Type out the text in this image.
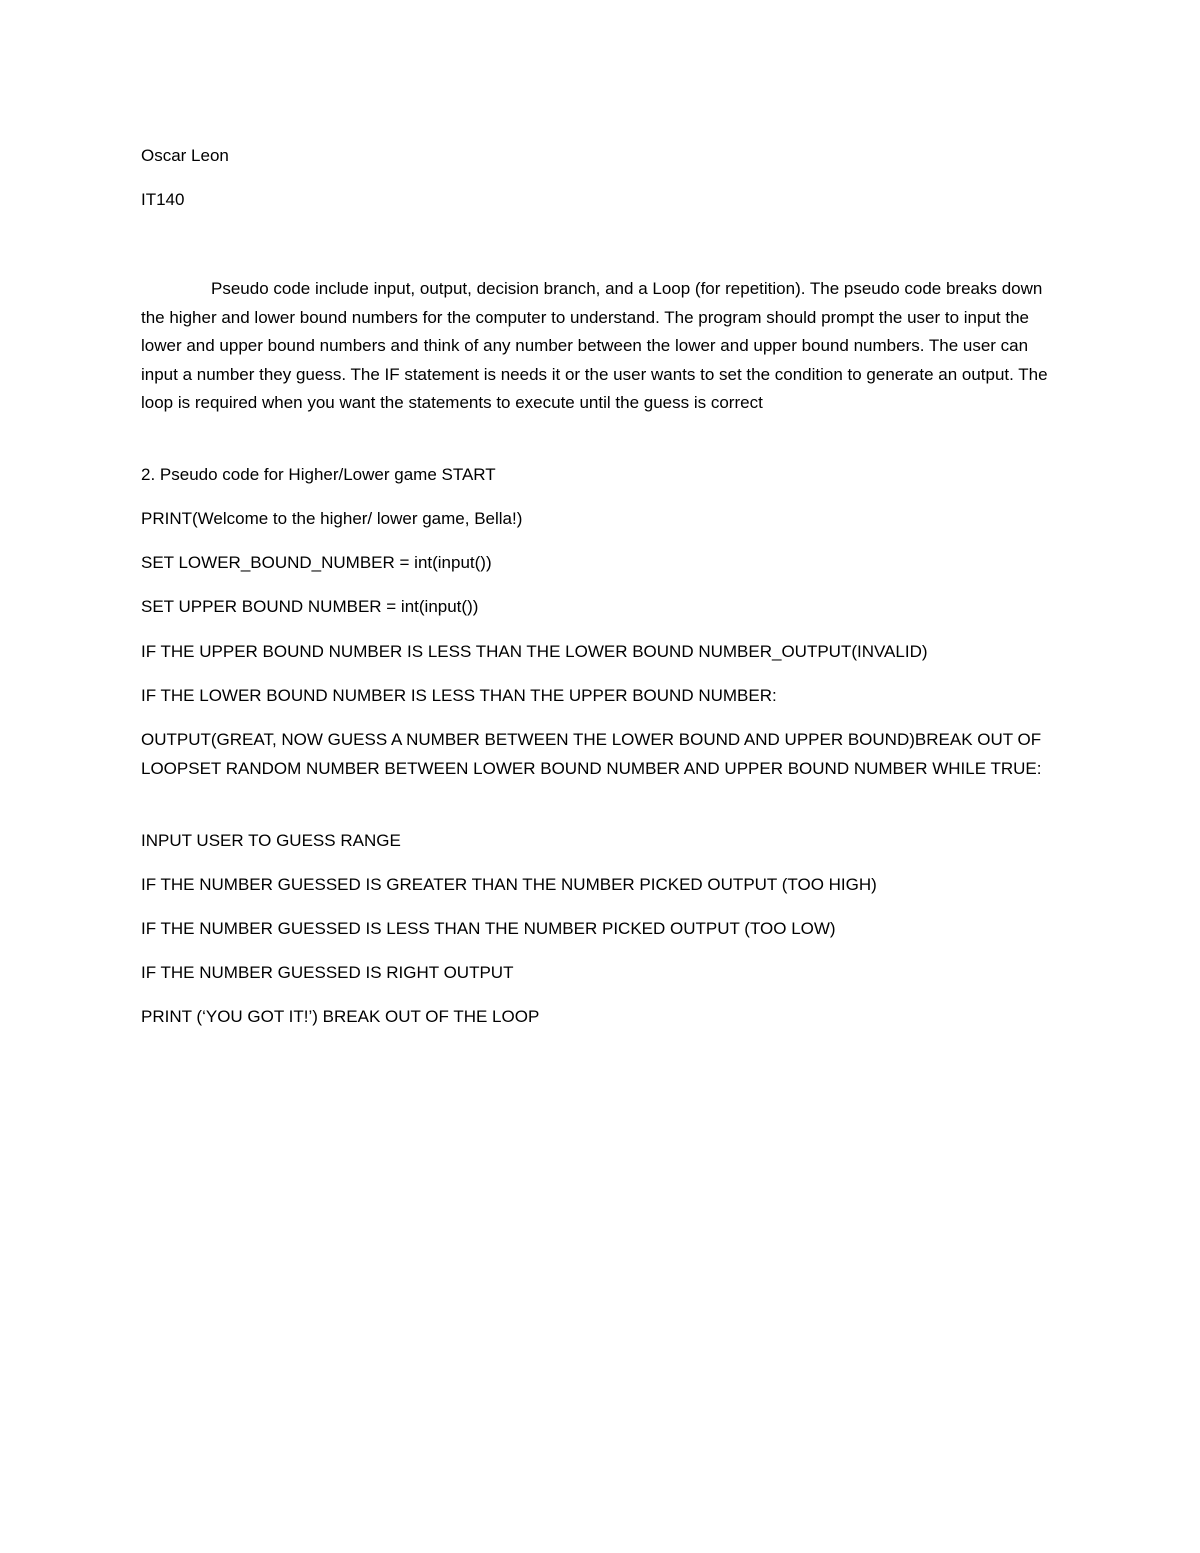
Oscar Leon

IT140

Pseudo code include input, output, decision branch, and a Loop (for repetition). The pseudo code breaks down the higher and lower bound numbers for the computer to understand. The program should prompt the user to input the lower and upper bound numbers and think of any number between the lower and upper bound numbers. The user can input a number they guess. The IF statement is needs it or the user wants to set the condition to generate an output. The loop is required when you want the statements to execute until the guess is correct

2. Pseudo code for Higher/Lower game START

PRINT(Welcome to the higher/ lower game, Bella!)

SET LOWER_BOUND_NUMBER = int(input())

SET UPPER BOUND NUMBER = int(input())

IF THE UPPER BOUND NUMBER IS LESS THAN THE LOWER BOUND NUMBER_OUTPUT(INVALID)

IF THE LOWER BOUND NUMBER IS LESS THAN THE UPPER BOUND NUMBER:

OUTPUT(GREAT, NOW GUESS A NUMBER BETWEEN THE LOWER BOUND AND UPPER BOUND)BREAK OUT OF LOOPSET RANDOM NUMBER BETWEEN LOWER BOUND NUMBER AND UPPER BOUND NUMBER WHILE TRUE:

INPUT USER TO GUESS RANGE

IF THE NUMBER GUESSED IS GREATER THAN THE NUMBER PICKED OUTPUT (TOO HIGH)

IF THE NUMBER GUESSED IS LESS THAN THE NUMBER PICKED OUTPUT (TOO LOW)

IF THE NUMBER GUESSED IS RIGHT OUTPUT

PRINT (‘YOU GOT IT!’) BREAK OUT OF THE LOOP
